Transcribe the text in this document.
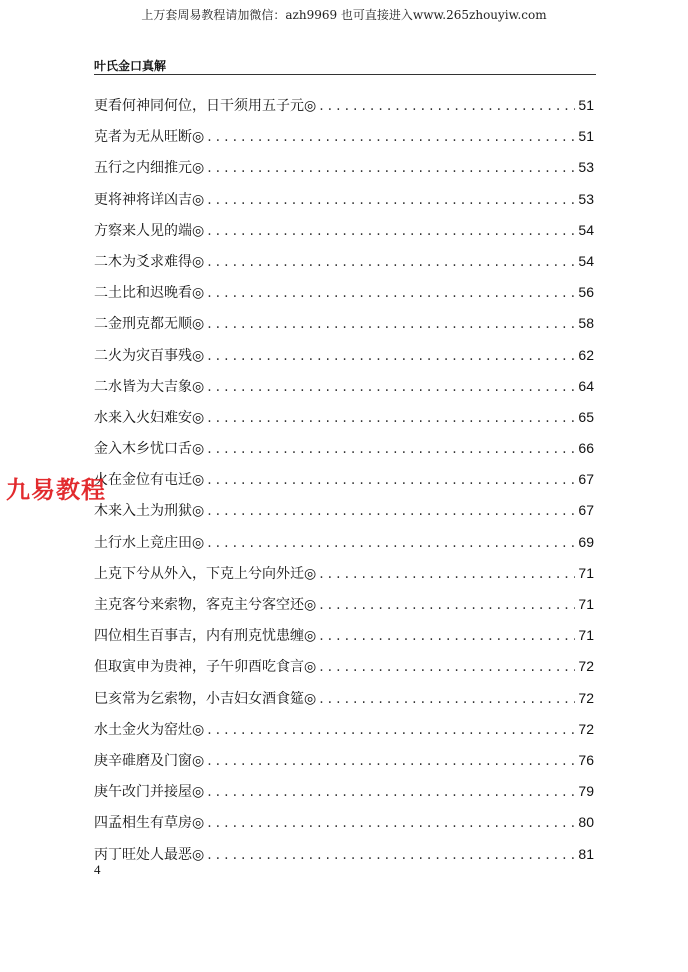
上万套周易教程请加微信：azh9969 也可直接进入www.265zhouyiw.com
叶氏金口真解
更看何神同何位，日干须用五子元◎ .....	51
克者为无从旺断◎ .....	51
五行之内细推元◎ .....	53
更将神将详凶吉◎ .....	53
方察来人见的端◎ .....	54
二木为爻求难得◎ .....	54
二土比和迟晚看◎ .....	56
二金刑克都无顺◎ .....	58
二火为灾百事残◎ .....	62
二水皆为大吉象◎ .....	64
水来入火妇难安◎ .....	65
金入木乡忧口舌◎ .....	66
火在金位有屯迁◎ .....	67
木来入土为刑狱◎ .....	67
土行水上竞庄田◎ .....	69
上克下兮从外入，下克上兮向外迁◎ .....	71
主克客兮来索物，客克主兮客空还◎ .....	71
四位相生百事吉，内有刑克忧患缠◎ .....	71
但取寅申为贵神，子午卯酉吃食言◎ .....	72
巳亥常为乞索物，小吉妇女酒食筵◎ .....	72
水土金火为窑灶◎ .....	72
庚辛碓磨及门窗◎ .....	76
庚午改门并接屋◎ .....	79
四孟相生有草房◎ .....	80
丙丁旺处人最恶◎ .....	81
九易教程
4
